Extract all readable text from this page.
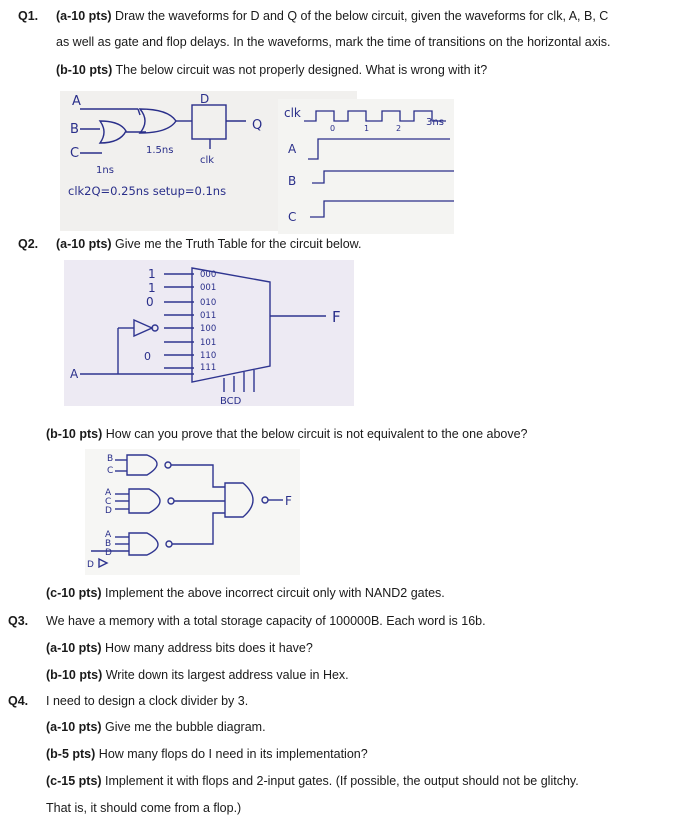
Q1. (a-10 pts) Draw the waveforms for D and Q of the below circuit, given the waveforms for clk, A, B, C
as well as gate and flop delays. In the waveforms, mark the time of transitions on the horizontal axis.
(b-10 pts) The below circuit was not properly designed. What is wrong with it?
A
B
C
D
Q
1ns
1.5ns
clk
clk2Q=0.25ns setup=0.1ns
clk
A
B
C
0	1	2
3ns
Q2. (a-10 pts) Give me the Truth Table for the circuit below.
1
1
0
0
A
000
001
010
011
100
101
110
111
F
BCD
(b-10 pts) How can you prove that the below circuit is not equivalent to the one above?
B
C
A
C
D
A
B
D
D
F
(c-10 pts) Implement the above incorrect circuit only with NAND2 gates.
Q3. We have a memory with a total storage capacity of 100000B. Each word is 16b.
(a-10 pts) How many address bits does it have?
(b-10 pts) Write down its largest address value in Hex.
Q4. I need to design a clock divider by 3.
(a-10 pts) Give me the bubble diagram.
(b-5 pts) How many flops do I need in its implementation?
(c-15 pts) Implement it with flops and 2-input gates. (If possible, the output should not be glitchy.
That is, it should come from a flop.)
